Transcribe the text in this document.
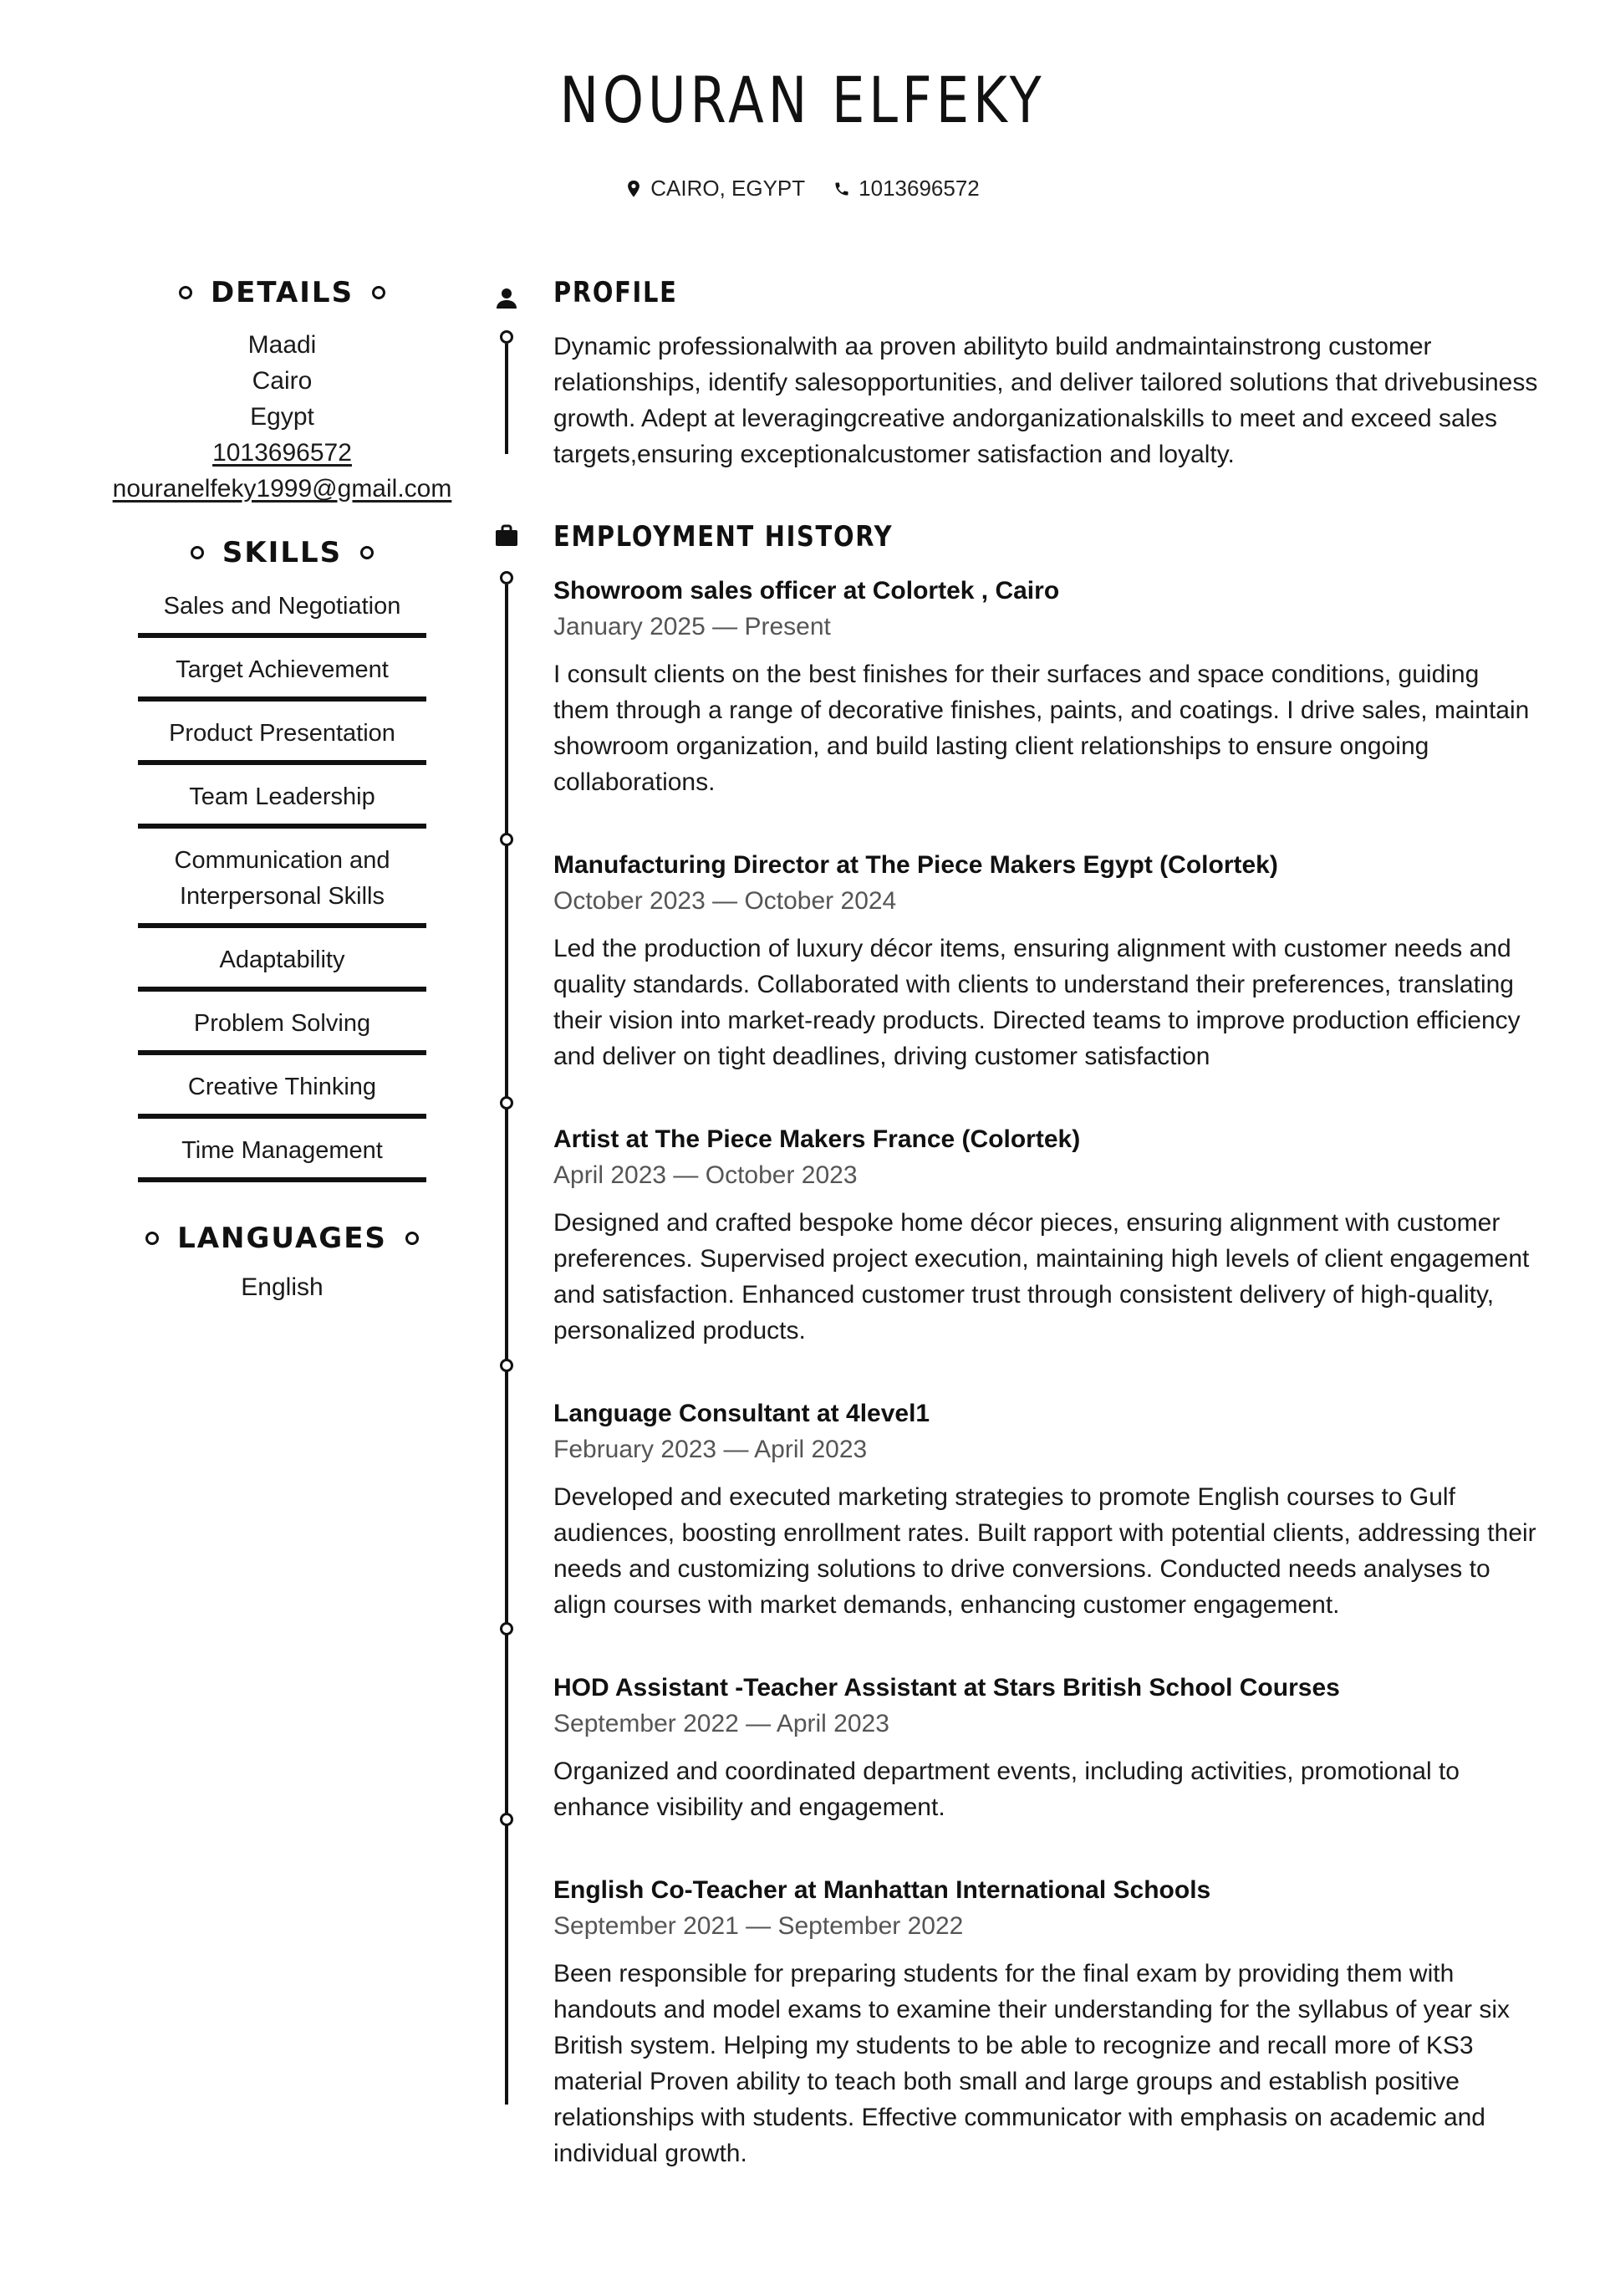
NOURAN ELFEKY
CAIRO, EGYPT 1013696572
DETAILS
Maadi
Cairo
Egypt
1013696572
nouranelfeky1999@gmail.com
SKILLS
Sales and Negotiation
Target Achievement
Product Presentation
Team Leadership
Communication and Interpersonal Skills
Adaptability
Problem Solving
Creative Thinking
Time Management
LANGUAGES
English
PROFILE

Dynamic professionalwith aa proven abilityto build andmaintainstrong customer relationships, identify salesopportunities, and deliver tailored solutions that drivebusiness growth. Adept at leveragingcreative andorganizationalskills to meet and exceed sales targets,ensuring exceptionalcustomer satisfaction and loyalty.

EMPLOYMENT HISTORY
Showroom sales officer at Colortek , Cairo
January 2025 — Present

I consult clients on the best finishes for their surfaces and space conditions, guiding them through a range of decorative finishes, paints, and coatings. I drive sales, maintain showroom organization, and build lasting client relationships to ensure ongoing collaborations.

Manufacturing Director at The Piece Makers Egypt (Colortek)
October 2023 — October 2024

Led the production of luxury décor items, ensuring alignment with customer needs and quality standards. Collaborated with clients to understand their preferences, translating their vision into market-ready products. Directed teams to improve production efficiency and deliver on tight deadlines, driving customer satisfaction

Artist at The Piece Makers France (Colortek)
April 2023 — October 2023

Designed and crafted bespoke home décor pieces, ensuring alignment with customer preferences. Supervised project execution, maintaining high levels of client engagement and satisfaction. Enhanced customer trust through consistent delivery of high-quality, personalized products.

Language Consultant at 4level1
February 2023 — April 2023

Developed and executed marketing strategies to promote English courses to Gulf audiences, boosting enrollment rates. Built rapport with potential clients, addressing their needs and customizing solutions to drive conversions. Conducted needs analyses to align courses with market demands, enhancing customer engagement.

HOD Assistant -Teacher Assistant at Stars British School Courses
September 2022 — April 2023

Organized and coordinated department events, including activities, promotional to enhance visibility and engagement.

English Co-Teacher at Manhattan International Schools
September 2021 — September 2022

Been responsible for preparing students for the final exam by providing them with handouts and model exams to examine their understanding for the syllabus of year six British system. Helping my students to be able to recognize and recall more of KS3 material Proven ability to teach both small and large groups and establish positive relationships with students. Effective communicator with emphasis on academic and individual growth.
